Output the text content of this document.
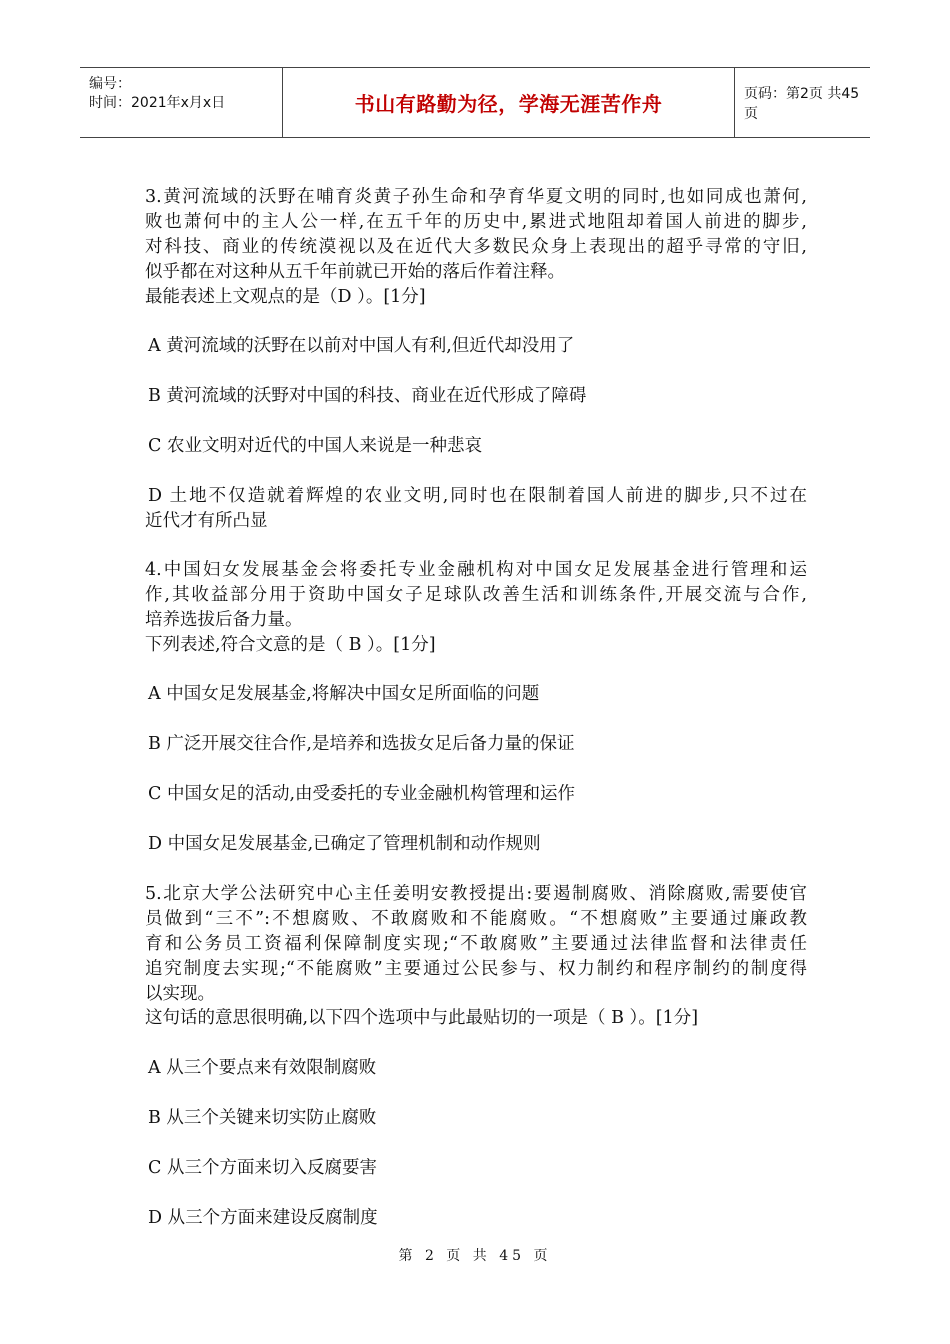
编号：
时间：2021年x月x日	书山有路勤为径，学海无涯苦作舟	页码：第2页 共45页

3.黄河流域的沃野在哺育炎黄子孙生命和孕育华夏文明的同时,也如同成也萧何,

败也萧何中的主人公一样,在五千年的历史中,累进式地阻却着国人前进的脚步,

对科技、商业的传统漠视以及在近代大多数民众身上表现出的超乎寻常的守旧,

似乎都在对这种从五千年前就已开始的落后作着注释。

最能表述上文观点的是（D ）。[1分]

A 黄河流域的沃野在以前对中国人有利,但近代却没用了

B 黄河流域的沃野对中国的科技、商业在近代形成了障碍

C 农业文明对近代的中国人来说是一种悲哀

D 土地不仅造就着辉煌的农业文明,同时也在限制着国人前进的脚步,只不过在

近代才有所凸显

4.中国妇女发展基金会将委托专业金融机构对中国女足发展基金进行管理和运

作,其收益部分用于资助中国女子足球队改善生活和训练条件,开展交流与合作,

培养选拔后备力量。

下列表述,符合文意的是（ B ）。[1分]

A 中国女足发展基金,将解决中国女足所面临的问题

B 广泛开展交往合作,是培养和选拔女足后备力量的保证

C 中国女足的活动,由受委托的专业金融机构管理和运作

D 中国女足发展基金,已确定了管理机制和动作规则

5.北京大学公法研究中心主任姜明安教授提出:要遏制腐败、消除腐败,需要使官

员做到“三不”:不想腐败、不敢腐败和不能腐败。“不想腐败”主要通过廉政教

育和公务员工资福利保障制度实现;“不敢腐败”主要通过法律监督和法律责任

追究制度去实现;“不能腐败”主要通过公民参与、权力制约和程序制约的制度得

以实现。

这句话的意思很明确,以下四个选项中与此最贴切的一项是（ B ）。[1分]

A 从三个要点来有效限制腐败

B 从三个关键来切实防止腐败

C 从三个方面来切入反腐要害

D 从三个方面来建设反腐制度

第 2 页 共 45 页
